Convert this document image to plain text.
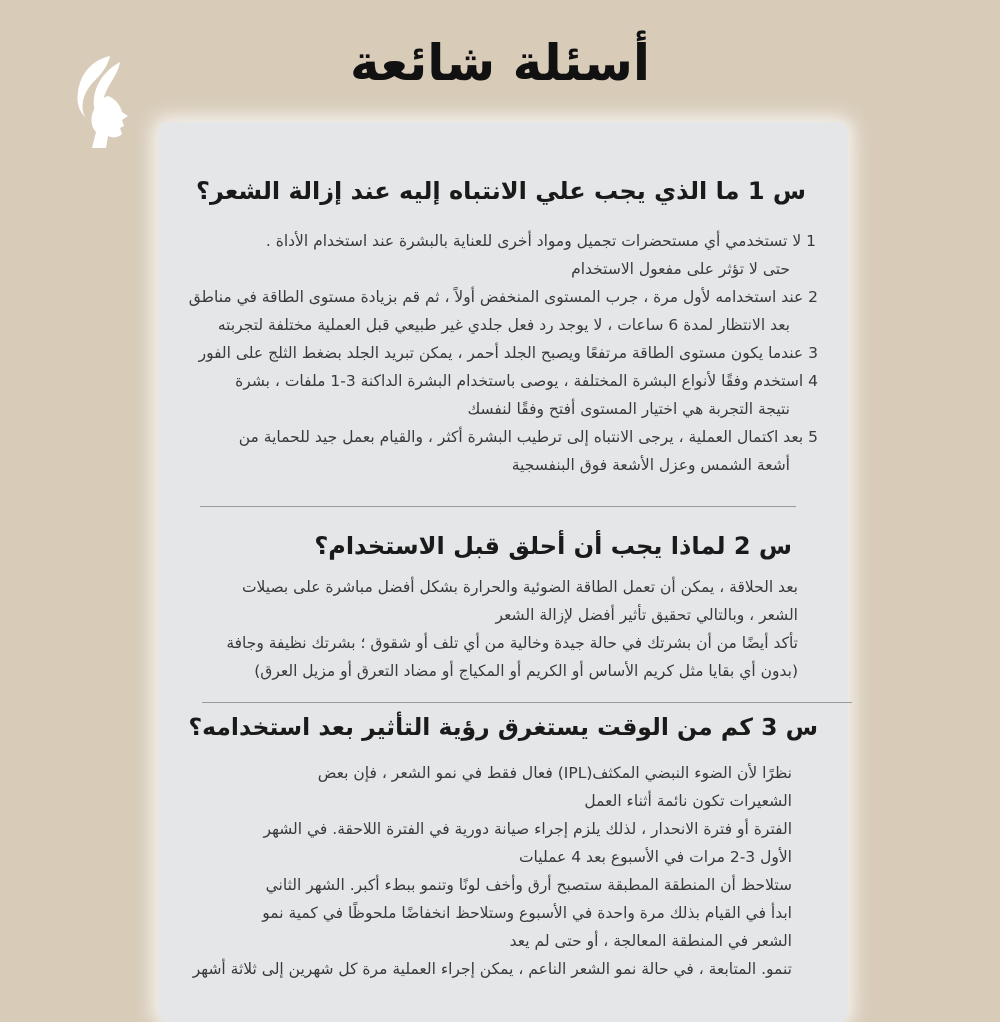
أسئلة شائعة
س 1 ما الذي يجب علي الانتباه إليه عند إزالة الشعر؟
1 لا تستخدمي أي مستحضرات تجميل ومواد أخرى للعناية بالبشرة عند استخدام الأداة .
حتى لا تؤثر على مفعول الاستخدام
2 عند استخدامه لأول مرة ، جرب المستوى المنخفض أولاً ، ثم قم بزيادة مستوى الطاقة في مناطق
بعد الانتظار لمدة 6 ساعات ، لا يوجد رد فعل جلدي غير طبيعي قبل العملية مختلفة لتجربته
3 عندما يكون مستوى الطاقة مرتفعًا ويصبح الجلد أحمر ، يمكن تبريد الجلد بضغط الثلج على الفور
4 استخدم وفقًا لأنواع البشرة المختلفة ، يوصى باستخدام البشرة الداكنة 3-1 ملفات ، بشرة
نتيجة التجربة هي اختيار المستوى أفتح وفقًا لنفسك
5 بعد اكتمال العملية ، يرجى الانتباه إلى ترطيب البشرة أكثر ، والقيام بعمل جيد للحماية من
أشعة الشمس وعزل الأشعة فوق البنفسجية
س 2 لماذا يجب أن أحلق قبل الاستخدام؟
بعد الحلاقة ، يمكن أن تعمل الطاقة الضوئية والحرارة بشكل أفضل مباشرة على بصيلات
الشعر ، وبالتالي تحقيق تأثير أفضل لإزالة الشعر
تأكد أيضًا من أن بشرتك في حالة جيدة وخالية من أي تلف أو شقوق ؛ بشرتك نظيفة وجافة
(بدون أي بقايا مثل كريم الأساس أو الكريم أو المكياج أو مضاد التعرق أو مزيل العرق)
س 3 كم من الوقت يستغرق رؤية التأثير بعد استخدامه؟
نظرًا لأن الضوء النبضي المكثف(IPL) فعال فقط في نمو الشعر ، فإن بعض
الشعيرات تكون نائمة أثناء العمل
الفترة أو فترة الانحدار ، لذلك يلزم إجراء صيانة دورية في الفترة اللاحقة. في الشهر
الأول 3-2 مرات في الأسبوع بعد 4 عمليات
ستلاحظ أن المنطقة المطبقة ستصبح أرق وأخف لونًا وتنمو ببطء أكبر. الشهر الثاني
ابدأ في القيام بذلك مرة واحدة في الأسبوع وستلاحظ انخفاضًا ملحوظًا في كمية نمو
الشعر في المنطقة المعالجة ، أو حتى لم يعد
تنمو. المتابعة ، في حالة نمو الشعر الناعم ، يمكن إجراء العملية مرة كل شهرين إلى ثلاثة أشهر
